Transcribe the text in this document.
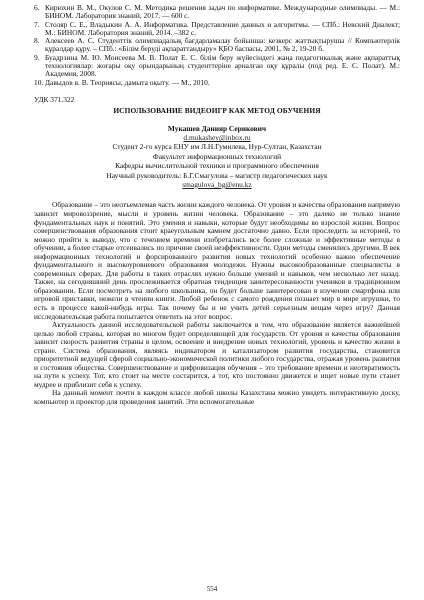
6. Кирюхин В. М., Окулов С. М. Методика решения задач по информатике. Международные олимпиады. — М.: БИНОМ. Лаборатория знаний, 2017. — 600 с.
7. Столяр С. Е., Владыкин А. А. Информатика. Представление данных и алгоритмы. — СПб.: Невский Диалект; М.: БИНОМ. Лаборатория знаний, 2014. –382 с.
8. Алексеев А. С. Студенттік олимпиадалық бағдарламалау бойынша: кезкерс жаттықтырушы // Компьютерлік құралдар құру. – СПб.: «Білім беруді ақпараттандыру» ҚБО баспасы, 2001, № 2, 19-20 б.
9. Буадрзина М. Ю. Моисеева М. В. Полат Е. С. білім беру жүйесіндегі жаңа педагогикалық және ақпараттық технологиялар: жоғары оқу орындарының студенттеріне арналған оқу құралы (под ред. Е. С. Полат). М.: Академия, 2008.
10. Давыдов в. В. Теориясы, дамыта оқыту. — М., 2010.
УДК 371.322
ИСПОЛЬЗОВАНИЕ ВИДЕОИГР КАК МЕТОД ОБУЧЕНИЯ
Мукашев Данияр Серикович
d.mukashev@inbox.ru
Студент 2-го курса ЕНУ им Л.Н.Гумилева, Нур-Султан, Казахстан
Факультет информационных технологий
Кафедры вычислительной техники и программного обеспечения
Научный руководитель: Б.Г.Смагулова – магистр педагогических наук
smagulova_bg@enu.kz

Образование – это неотъемлемая часть жизни каждого человека. От уровня и качества образования напрямую зависит мировоззрение, мысли и уровень жизни человека. Образование – это далеко не только знание фундаментальных наук и понятий. Это умения и навыки, которые будут необходимы во взрослой жизни. Вопрос совершенствования образования стоит краеугольным камнем достаточно давно. Если проследить за историей, то можно прийти к выводу, что с течением времени изобретались все более сложные и эффективные методы в обучении, а более старые отсеивались по причине своей неэффективности. Одни методы сменялись другими. В век информационных технологий и форсированного развития новых технологий особенно важно обеспечение фундаментального и высокоуровневого образования молодежи. Нужны высокообразованные специалисты в современных сферах. Для работы в таких отраслях нужно больше умений и навыков, чем несколько лет назад. Также, на сегодняшний день прослеживается обратная тенденция заинтересованности учеников в традиционном образовании. Если посмотреть на любого школьника, он будет больше заинтересован в изучении смартфона или игровой приставки, нежели в чтении книги. Любой ребенок с самого рождения познает мир в мире игрушки, то есть в процессе какой-нибудь игры. Так почему бы и не учить детей серьезным вещам через игру? Данная исследовательская работа попытается ответить на этот вопрос.

Актуальность данной исследовательской работы заключается в том, что образование является важнейшей целью любой страны, которая во многом будет определяющей для государств. От уровня и качества образования зависит скорость развития страны в целом, освоение и внедрение новых технологий, уровень и качество жизни в стране. Система образования, являясь индикатором и катализатором развития государства, становится приоритетной ведущей сферой социально-экономической политики любого государства, отражая уровень развития и состояния общества. Совершенствование и цифровизация обучения – это требование времени и неотвратимость на пути к успеху. Тот, кто стоит на месте состарится, а тот, кто постоянно движется и ищет новые пути станет мудрее и приблизит себя к успеху.

На данный момент почти в каждом классе любой школы Казахстана можно увидеть интерактивную доску, компьютер и проектор для проведения занятий. Эти вспомогательные

554
